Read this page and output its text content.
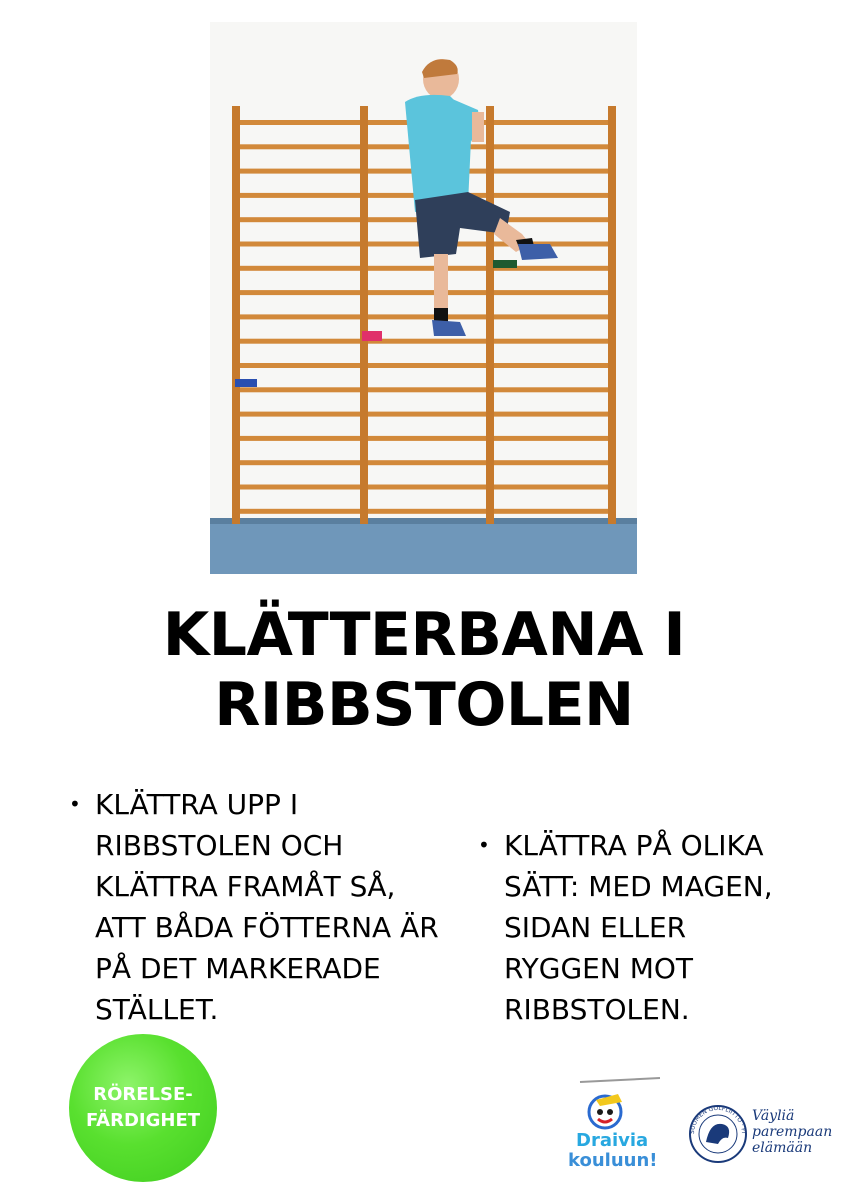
KLÄTTERBANA I
RIBBSTOLEN
• KLÄTTRA UPP I
RIBBSTOLEN OCH
KLÄTTRA FRAMÅT SÅ,
ATT BÅDA FÖTTERNA ÄR
PÅ DET MARKERADE
STÄLLET.
• KLÄTTRA PÅ OLIKA
SÄTT: MED MAGEN,
SIDAN ELLER
RYGGEN MOT
RIBBSTOLEN.
RÖRELSE-
FÄRDIGHET
Draivia
kouluun!
SUOMEN GOLFLIITTO · FI
Väyliä
parempaan
elämään
